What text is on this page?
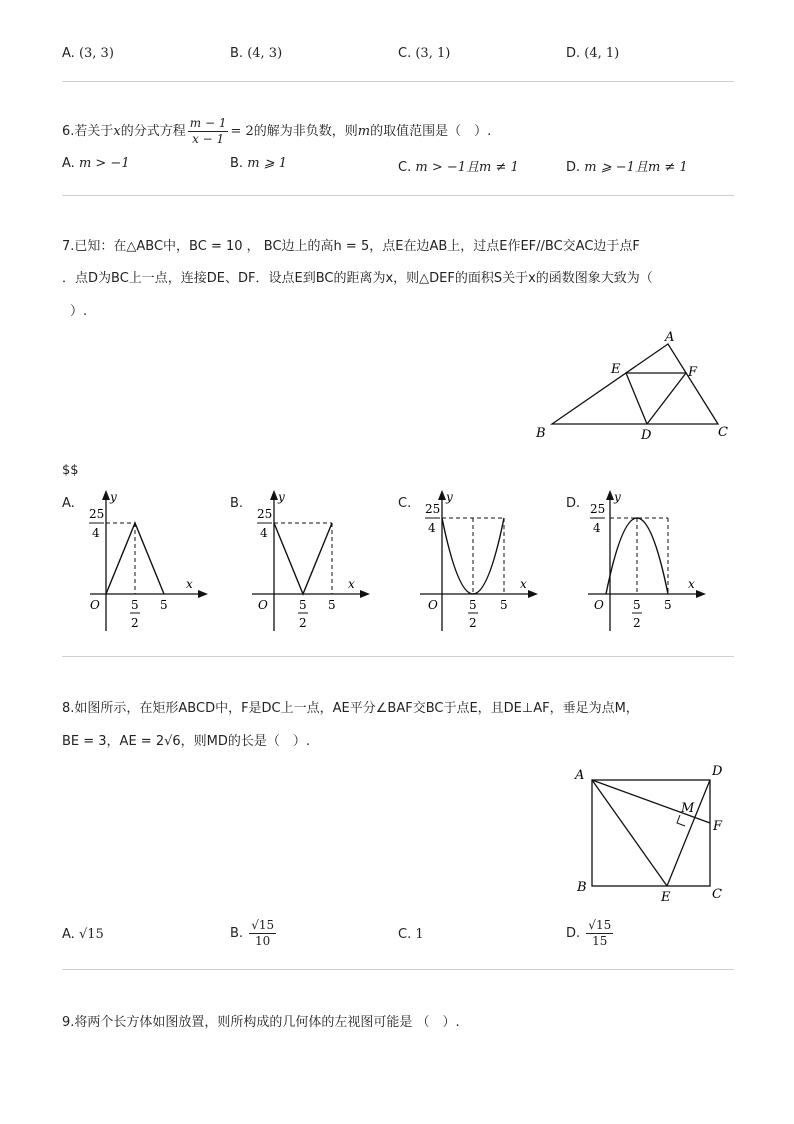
A. (3, 3)	B. (4, 3)	C. (3, 1)	D. (4, 1)
6.若关于x的分式方程 $\frac{m - 1}{x - 1} = 2$的解为非负数，则m的取值范围是（　）.
A. m > −1	B. m ⩾ 1	C. m > −1且m ≠ 1	D. m ⩾ −1且m ≠ 1
7.已知：在△ABC中，BC = 10 ， BC边上的高h = 5，点E在边AB上，过点E作EF//BC交AC边于点F
．点D为BC上一点，连接DE、DF．设点E到BC的距离为x，则△DEF的面积S关于x的函数图象大致为（
）.
A
B	C
D
E	F
$$
A.	B.	C.	D.
y
x
O
25
4
5
2
5
y
x
O
25
4
5
2
5
y
x
O
25
4
5
2
5
y
x
O
25
4
5
2
5
8.如图所示，在矩形ABCD中，F是DC上一点，AE平分∠BAF交BC于点E，且DE⊥AF，垂足为点M，
BE = 3，AE = 2√6，则MD的长是（　）.
A	D
M
F
B	C
E
A. √15	B. $\frac{√15}{10}$	C. 1	D. $\frac{√15}{15}$
9.将两个长方体如图放置，则所构成的几何体的左视图可能是 （　）.
